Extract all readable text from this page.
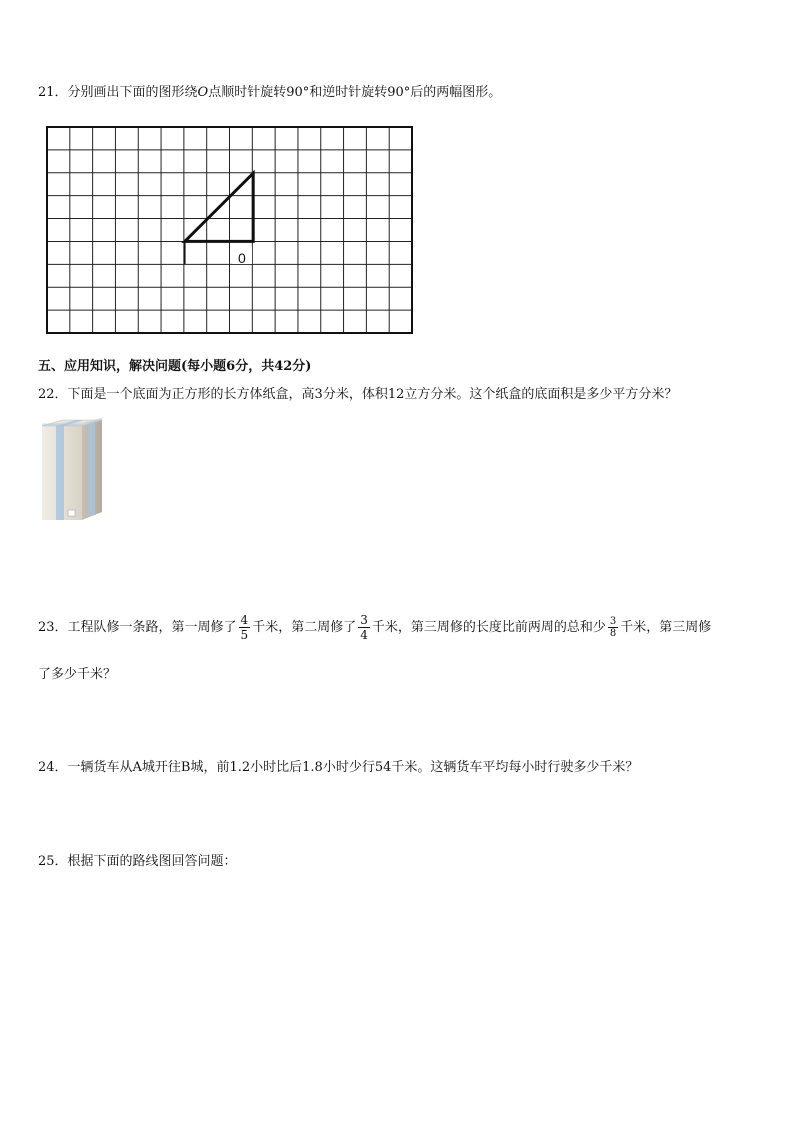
21．分别画出下面的图形绕O点顺时针旋转90°和逆时针旋转90°后的两幅图形。
0
五、应用知识，解决问题(每小题6分，共42分)
22．下面是一个底面为正方形的长方体纸盒，高3分米，体积12立方分米。这个纸盒的底面积是多少平方分米？
23．工程队修一条路，第一周修了 $\frac{4}{5}$ 千米，第二周修了 $\frac{3}{4}$ 千米，第三周修的长度比前两周的总和少 $\frac{3}{8}$ 千米，第三周修
了多少千米？
24．一辆货车从A城开往B城，前1.2小时比后1.8小时少行54千米。这辆货车平均每小时行驶多少千米？
25．根据下面的路线图回答问题：
